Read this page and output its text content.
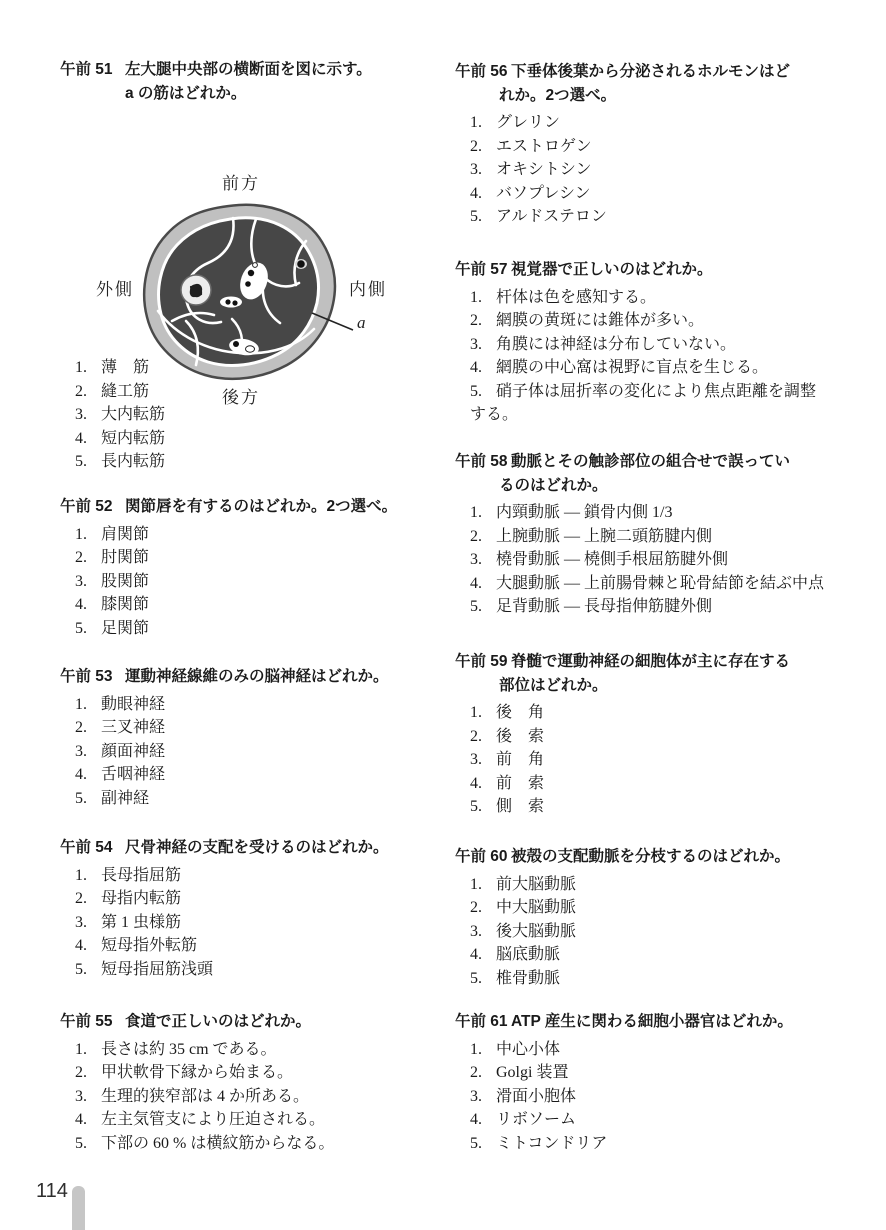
午前 51 左大腿中央部の横断面を図に示す。
a の筋はどれか。
1. 薄　筋
2. 縫工筋
3. 大内転筋
4. 短内転筋
5. 長内転筋
前方
外側	内側
後方
a
午前 52 関節唇を有するのはどれか。2つ選べ。
1. 肩関節
2. 肘関節
3. 股関節
4. 膝関節
5. 足関節
午前 53 運動神経線維のみの脳神経はどれか。
1. 動眼神経
2. 三叉神経
3. 顔面神経
4. 舌咽神経
5. 副神経
午前 54 尺骨神経の支配を受けるのはどれか。
1. 長母指屈筋
2. 母指内転筋
3. 第 1 虫様筋
4. 短母指外転筋
5. 短母指屈筋浅頭
午前 55 食道で正しいのはどれか。
1. 長さは約 35 cm である。
2. 甲状軟骨下縁から始まる。
3. 生理的狭窄部は 4 か所ある。
4. 左主気管支により圧迫される。
5. 下部の 60 % は横紋筋からなる。
午前 56 下垂体後葉から分泌されるホルモンはど
れか。2つ選べ。
1. グレリン
2. エストロゲン
3. オキシトシン
4. バソプレシン
5. アルドステロン
午前 57 視覚器で正しいのはどれか。
1. 杆体は色を感知する。
2. 網膜の黄斑には錐体が多い。
3. 角膜には神経は分布していない。
4. 網膜の中心窩は視野に盲点を生じる。
5. 硝子体は屈折率の変化により焦点距離を調整
する。
午前 58 動脈とその触診部位の組合せで誤ってい
るのはどれか。
1. 内頸動脈 ― 鎖骨内側 1/3
2. 上腕動脈 ― 上腕二頭筋腱内側
3. 橈骨動脈 ― 橈側手根屈筋腱外側
4. 大腿動脈 ― 上前腸骨棘と恥骨結節を結ぶ中点
5. 足背動脈 ― 長母指伸筋腱外側
午前 59 脊髄で運動神経の細胞体が主に存在する
部位はどれか。
1. 後　角
2. 後　索
3. 前　角
4. 前　索
5. 側　索
午前 60 被殻の支配動脈を分枝するのはどれか。
1. 前大脳動脈
2. 中大脳動脈
3. 後大脳動脈
4. 脳底動脈
5. 椎骨動脈
午前 61 ATP 産生に関わる細胞小器官はどれか。
1. 中心小体
2. Golgi 装置
3. 滑面小胞体
4. リボソーム
5. ミトコンドリア
114
